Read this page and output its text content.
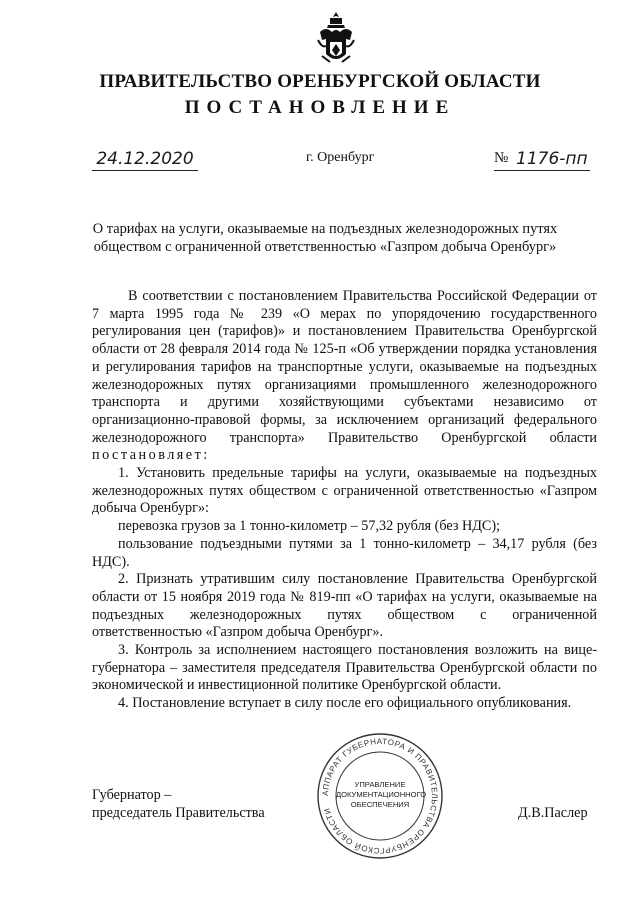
ПРАВИТЕЛЬСТВО ОРЕНБУРГСКОЙ ОБЛАСТИ
ПОСТАНОВЛЕНИЕ
24.12.2020	г. Оренбург	№ 1176-пп
О тарифах на услуги, оказываемые на подъездных железнодорожных путях
обществом с ограниченной ответственностью «Газпром добыча Оренбург»

В соответствии с постановлением Правительства Российской Федерации от 7 марта 1995 года № 239 «О мерах по упорядочению государственного регулирования цен (тарифов)» и постановлением Правительства Оренбургской области от 28 февраля 2014 года № 125-п «Об утверждении порядка установления и регулирования тарифов на транспортные услуги, оказываемые на подъездных железнодорожных путях организациями промышленного железнодорожного транспорта и другими хозяйствующими субъектами независимо от организационно-правовой формы, за исключением организаций федерального железнодорожного транспорта» Правительство Оренбургской области постановляет:

1. Установить предельные тарифы на услуги, оказываемые на подъездных железнодорожных путях обществом с ограниченной ответственностью «Газпром добыча Оренбург»:

перевозка грузов за 1 тонно-километр – 57,32 рубля (без НДС);

пользование подъездными путями за 1 тонно-километр – 34,17 рубля (без НДС).

2. Признать утратившим силу постановление Правительства Оренбургской области от 15 ноября 2019 года № 819-пп «О тарифах на услуги, оказываемые на подъездных железнодорожных путях обществом с ограниченной ответственностью «Газпром добыча Оренбург».

3. Контроль за исполнением настоящего постановления возложить на вице-губернатора – заместителя председателя Правительства Оренбургской области по экономической и инвестиционной политике Оренбургской области.

4. Постановление вступает в силу после его официального опубликования.

Губернатор –
председатель Правительства	Д.В.Паслер
АППАРАТ ГУБЕРНАТОРА И ПРАВИТЕЛЬСТВА ОРЕНБУРГСКОЙ ОБЛАСТИ
УПРАВЛЕНИЕ
ДОКУМЕНТАЦИОННОГО
ОБЕСПЕЧЕНИЯ
